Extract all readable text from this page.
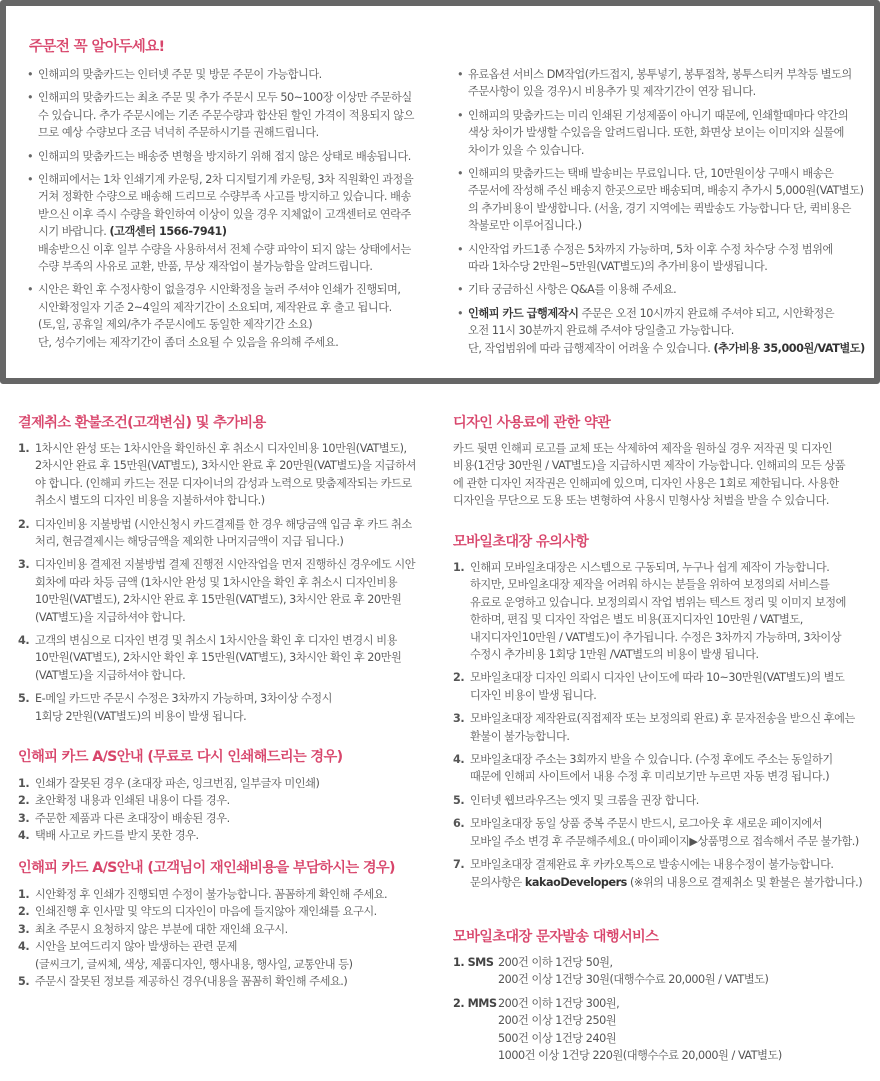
주문전 꼭 알아두세요!
• 인해피의 맞춤카드는 인터넷 주문 및 방문 주문이 가능합니다.
• 인해피의 맞춤카드는 최초 주문 및 추가 주문시 모두 50~100장 이상만 주문하실
수 있습니다. 추가 주문시에는 기존 주문수량과 합산된 할인 가격이 적용되지 않으
므로 예상 수량보다 조금 넉넉히 주문하시기를 권해드립니다.
• 인해피의 맞춤카드는 배송중 변형을 방지하기 위해 접지 않은 상태로 배송됩니다.
• 인해피에서는 1차 인쇄기계 카운팅, 2차 디지털기계 카운팅, 3차 직원확인 과정을
거쳐 정확한 수량으로 배송해 드리므로 수량부족 사고를 방지하고 있습니다. 배송
받으신 이후 즉시 수량을 확인하여 이상이 있을 경우 지체없이 고객센터로 연락주
시기 바랍니다. (고객센터 1566-7941)
배송받으신 이후 일부 수량을 사용하셔서 전체 수량 파악이 되지 않는 상태에서는
수량 부족의 사유로 교환, 반품, 무상 재작업이 불가능함을 알려드립니다.
• 시안은 확인 후 수정사항이 없을경우 시안확정을 눌러 주셔야 인쇄가 진행되며,
시안확정일자 기준 2~4일의 제작기간이 소요되며, 제작완료 후 출고 됩니다.
(토,일, 공휴일 제외/추가 주문시에도 동일한 제작기간 소요)
단, 성수기에는 제작기간이 좀더 소요될 수 있음을 유의해 주세요.
• 유료옵션 서비스 DM작업(카드접지, 봉투넣기, 봉투접착, 봉투스티커 부착등 별도의
주문사항이 있을 경우)시 비용추가 및 제작기간이 연장 됩니다.
• 인해피의 맞춤카드는 미리 인쇄된 기성제품이 아니기 때문에, 인쇄할때마다 약간의
색상 차이가 발생할 수있음을 알려드립니다. 또한, 화면상 보이는 이미지와 실물에
차이가 있을 수 있습니다.
• 인해피의 맞춤카드는 택배 발송비는 무료입니다. 단, 10만원이상 구매시 배송은
주문서에 작성해 주신 배송지 한곳으로만 배송되며, 배송지 추가시 5,000원(VAT별도)
의 추가비용이 발생합니다. (서울, 경기 지역에는 퀵발송도 가능합니다 단, 퀵비용은
착불로만 이루어집니다.)
• 시안작업 카드1종 수정은 5차까지 가능하며, 5차 이후 수정 차수당 수정 범위에
따라 1차수당 2만원~5만원(VAT별도)의 추가비용이 발생됩니다.
• 기타 궁금하신 사항은 Q&A를 이용해 주세요.
• 인해피 카드 급행제작시 주문은 오전 10시까지 완료해 주셔야 되고, 시안확정은
오전 11시 30분까지 완료해 주셔야 당일출고 가능합니다.
단, 작업범위에 따라 급행제작이 어려울 수 있습니다. (추가비용 35,000원/VAT별도)
결제취소 환불조건(고객변심) 및 추가비용
1. 1차시안 완성 또는 1차시안을 확인하신 후 취소시 디자인비용 10만원(VAT별도),
2차시안 완료 후 15만원(VAT별도), 3차시안 완료 후 20만원(VAT별도)을 지급하셔
야 합니다. (인해피 카드는 전문 디자이너의 감성과 노력으로 맞춤제작되는 카드로
취소시 별도의 디자인 비용을 지불하셔야 합니다.)
2. 디자인비용 지불방법 (시안신청시 카드결제를 한 경우 해당금액 입금 후 카드 취소
처리, 현금결제시는 해당금액을 제외한 나머지금액이 지급 됩니다.)
3. 디자인비용 결제전 지불방법 결제 진행전 시안작업을 먼저 진행하신 경우에도 시안
회차에 따라 차등 금액 (1차시안 완성 및 1차시안을 확인 후 취소시 디자인비용
10만원(VAT별도), 2차시안 완료 후 15만원(VAT별도), 3차시안 완료 후 20만원
(VAT별도)을 지급하셔야 합니다.
4. 고객의 변심으로 디자인 변경 및 취소시 1차시안을 확인 후 디자인 변경시 비용
10만원(VAT별도), 2차시안 확인 후 15만원(VAT별도), 3차시안 확인 후 20만원
(VAT별도)을 지급하셔야 합니다.
5. E-메일 카드만 주문시 수정은 3차까지 가능하며, 3차이상 수정시
1회당 2만원(VAT별도)의 비용이 발생 됩니다.
인해피 카드 A/S안내 (무료로 다시 인쇄해드리는 경우)
1. 인쇄가 잘못된 경우 (초대장 파손, 잉크번짐, 일부글자 미인쇄)
2. 초안확정 내용과 인쇄된 내용이 다를 경우.
3. 주문한 제품과 다른 초대장이 배송된 경우.
4. 택배 사고로 카드를 받지 못한 경우.
인해피 카드 A/S안내 (고객님이 재인쇄비용을 부담하시는 경우)
1. 시안확정 후 인쇄가 진행되면 수정이 불가능합니다. 꼼꼼하게 확인해 주세요.
2. 인쇄진행 후 인사말 및 약도의 디자인이 마음에 들지않아 재인쇄를 요구시.
3. 최초 주문시 요청하지 않은 부분에 대한 재인쇄 요구시.
4. 시안을 보여드리지 않아 발생하는 관련 문제
(글씨크기, 글씨체, 색상, 제품디자인, 행사내용, 행사일, 교통안내 등)
5. 주문시 잘못된 정보를 제공하신 경우(내용을 꼼꼼히 확인해 주세요.)
디자인 사용료에 관한 약관
카드 뒷면 인해피 로고를 교체 또는 삭제하여 제작을 원하실 경우 저작권 및 디자인
비용(1건당 30만원 / VAT별도)을 지급하시면 제작이 가능합니다. 인해피의 모든 상품
에 관한 디자인 저작권은 인해피에 있으며, 디자인 사용은 1회로 제한됩니다. 사용한
디자인을 무단으로 도용 또는 변형하여 사용시 민형사상 처벌을 받을 수 있습니다.
모바일초대장 유의사항
1. 인해피 모바일초대장은 시스템으로 구동되며, 누구나 쉽게 제작이 가능합니다.
하지만, 모바일초대장 제작을 어려워 하시는 분들을 위하여 보정의뢰 서비스를
유료로 운영하고 있습니다. 보정의뢰시 작업 범위는 텍스트 정리 및 이미지 보정에
한하며, 편집 및 디자인 작업은 별도 비용(표지디자인 10만원 / VAT별도,
내지디자인10만원 / VAT별도)이 추가됩니다. 수정은 3차까지 가능하며, 3차이상
수정시 추가비용 1회당 1만원 /VAT별도의 비용이 발생 됩니다.
2. 모바일초대장 디자인 의뢰시 디자인 난이도에 따라 10~30만원(VAT별도)의 별도
디자인 비용이 발생 됩니다.
3. 모바일초대장 제작완료(직접제작 또는 보정의뢰 완료) 후 문자전송을 받으신 후에는
환불이 불가능합니다.
4. 모바일초대장 주소는 3회까지 받을 수 있습니다. (수정 후에도 주소는 동일하기
때문에 인해피 사이트에서 내용 수정 후 미리보기만 누르면 자동 변경 됩니다.)
5. 인터넷 웹브라우즈는 엣지 및 크롬을 권장 합니다.
6. 모바일초대장 동일 상품 중복 주문시 반드시, 로그아웃 후 새로운 페이지에서
모바일 주소 변경 후 주문해주세요.( 마이페이지▶상품명으로 접속해서 주문 불가함.)
7. 모바일초대장 결제완료 후 카카오톡으로 발송시에는 내용수정이 불가능합니다.
문의사항은 kakaoDevelopers (※위의 내용으로 결제취소 및 환불은 불가합니다.)
모바일초대장 문자발송 대행서비스
1. SMS 200건 이하 1건당 50원,
200건 이상 1건당 30원(대행수수료 20,000원 / VAT별도)
2. MMS 200건 이하 1건당 300원,
200건 이상 1건당 250원
500건 이상 1건당 240원
1000건 이상 1건당 220원(대행수수료 20,000원 / VAT별도)
